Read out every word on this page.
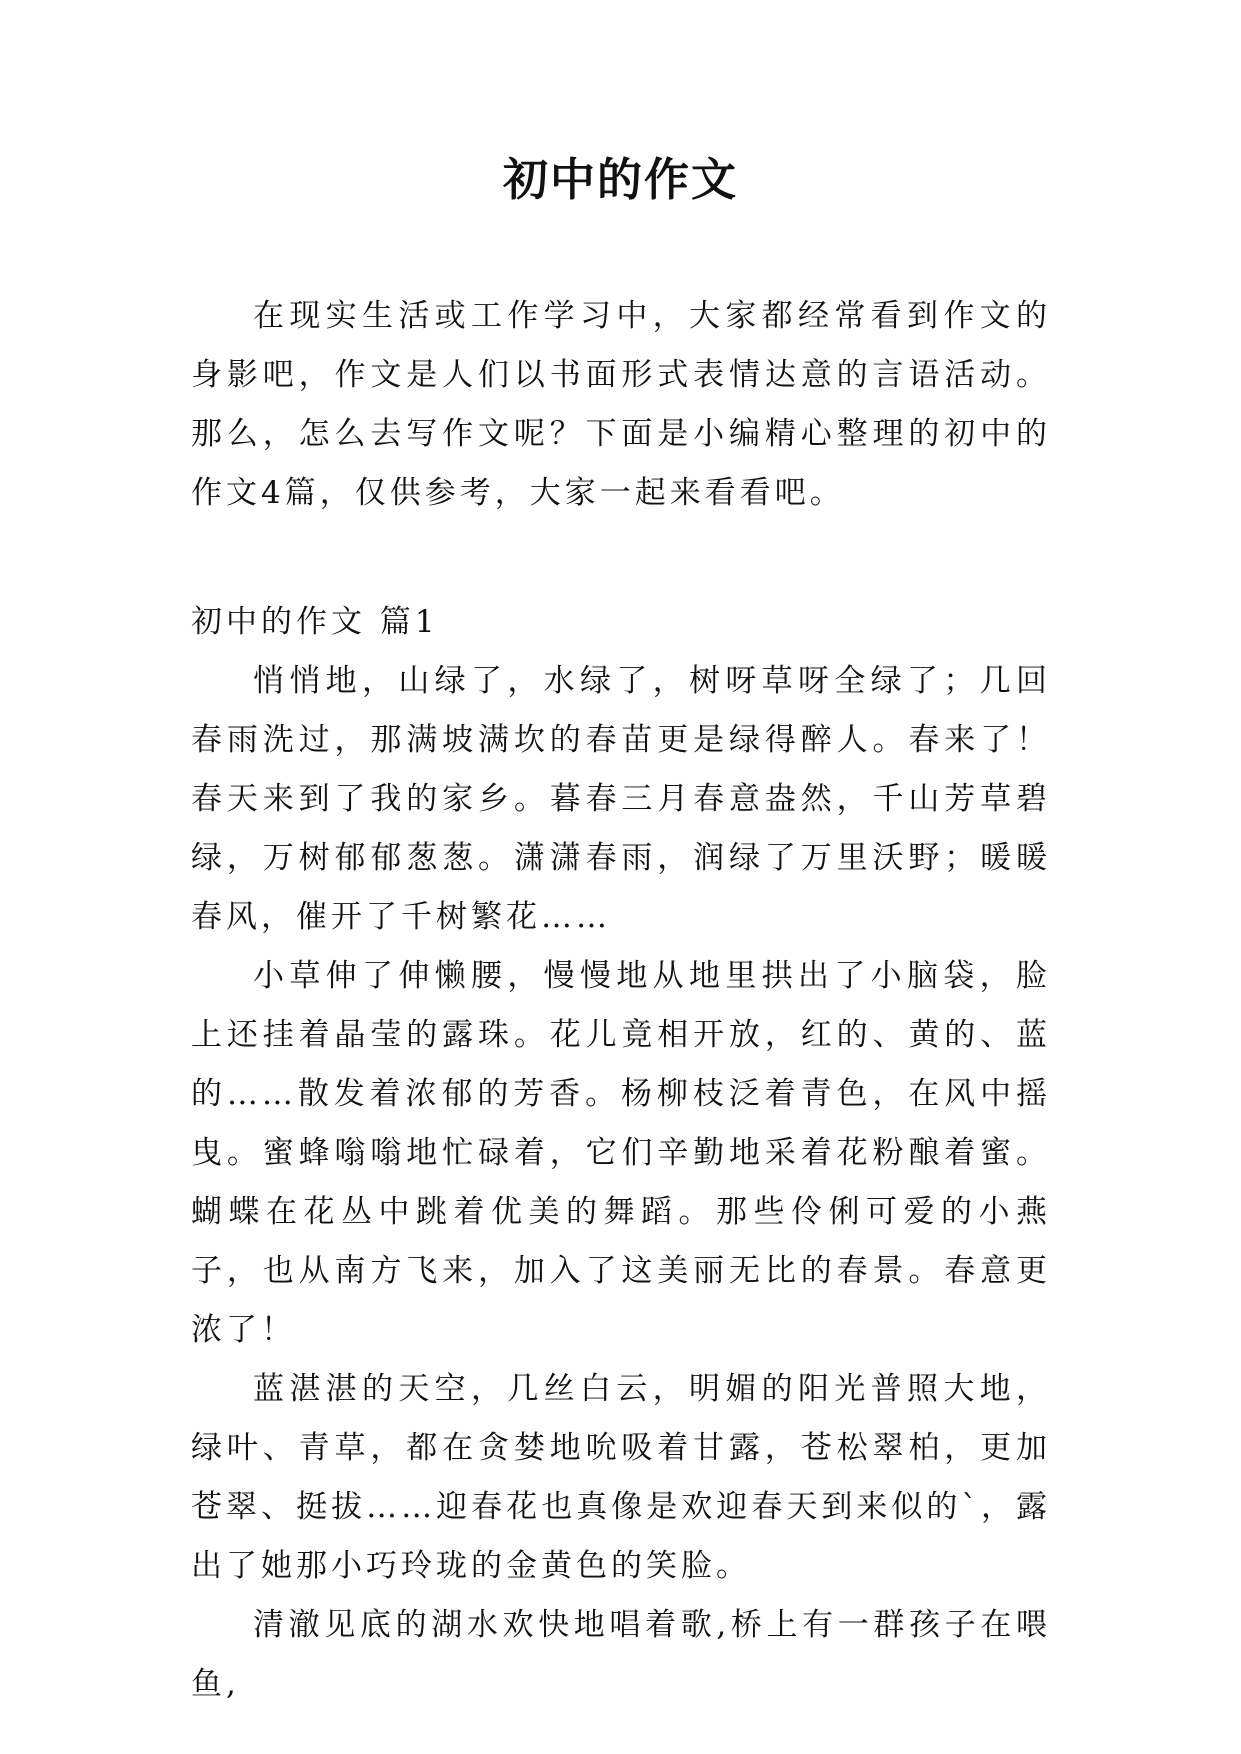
初中的作文

在现实生活或工作学习中，大家都经常看到作文的身影吧，作文是人们以书面形式表情达意的言语活动。那么，怎么去写作文呢？下面是小编精心整理的初中的作文4篇，仅供参考，大家一起来看看吧。

初中的作文 篇1

悄悄地，山绿了，水绿了，树呀草呀全绿了；几回春雨洗过，那满坡满坎的春苗更是绿得醉人。春来了！春天来到了我的家乡。暮春三月春意盎然，千山芳草碧绿，万树郁郁葱葱。潇潇春雨，润绿了万里沃野；暖暖春风，催开了千树繁花……

小草伸了伸懒腰，慢慢地从地里拱出了小脑袋，脸上还挂着晶莹的露珠。花儿竟相开放，红的、黄的、蓝的……散发着浓郁的芳香。杨柳枝泛着青色，在风中摇曳。蜜蜂嗡嗡地忙碌着，它们辛勤地采着花粉酿着蜜。蝴蝶在花丛中跳着优美的舞蹈。那些伶俐可爱的小燕子，也从南方飞来，加入了这美丽无比的春景。春意更浓了！

蓝湛湛的天空，几丝白云，明媚的阳光普照大地，绿叶、青草，都在贪婪地吮吸着甘露，苍松翠柏，更加苍翠、挺拔……迎春花也真像是欢迎春天到来似的`，露出了她那小巧玲珑的金黄色的笑脸。

清澈见底的湖水欢快地唱着歌,桥上有一群孩子在喂鱼,
